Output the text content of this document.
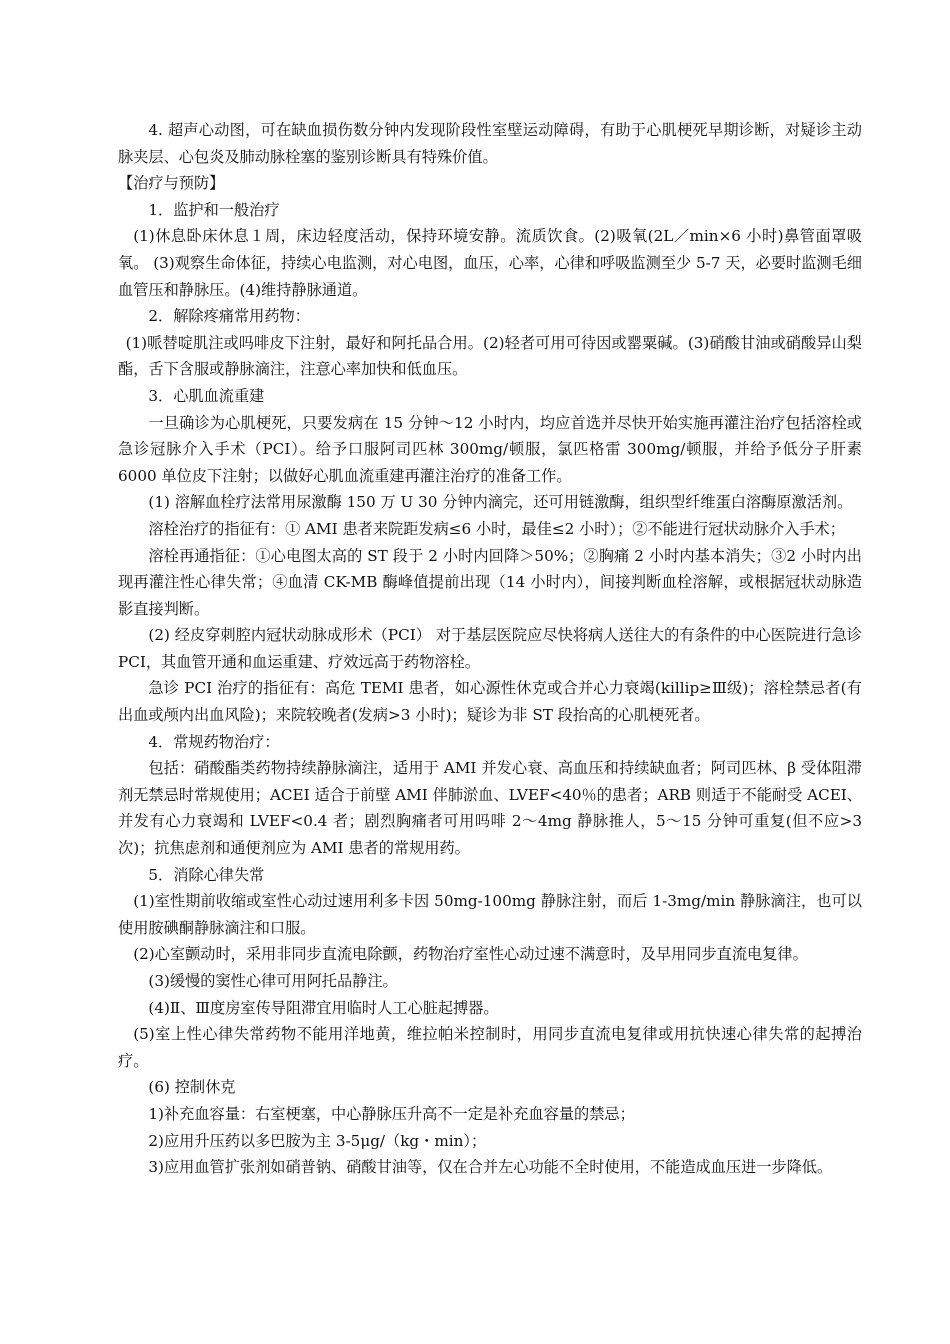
4. 超声心动图，可在缺血损伤数分钟内发现阶段性室壁运动障碍，有助于心肌梗死早期诊断，对疑诊主动脉夹层、心包炎及肺动脉栓塞的鉴别诊断具有特殊价值。

【治疗与预防】

1．监护和一般治疗

(1)休息卧床休息１周，床边轻度活动，保持环境安静。流质饮食。(2)吸氧(2L／min×6 小时)鼻管面罩吸氧。 (3)观察生命体征，持续心电监测，对心电图，血压，心率，心律和呼吸监测至少 5-7 天，必要时监测毛细血管压和静脉压。(4)维持静脉通道。

2．解除疼痛常用药物：

(1)哌替啶肌注或吗啡皮下注射，最好和阿托品合用。(2)轻者可用可待因或罂粟碱。(3)硝酸甘油或硝酸异山梨酯，舌下含服或静脉滴注，注意心率加快和低血压。

3．心肌血流重建

一旦确诊为心肌梗死，只要发病在 15 分钟～12 小时内，均应首选并尽快开始实施再灌注治疗包括溶栓或急诊冠脉介入手术（PCI）。给予口服阿司匹林 300mg/顿服，氯匹格雷 300mg/顿服，并给予低分子肝素 6000 单位皮下注射；以做好心肌血流重建再灌注治疗的准备工作。

(1) 溶解血栓疗法常用尿激酶 150 万 U 30 分钟内滴完，还可用链激酶，组织型纤维蛋白溶酶原激活剂。

溶栓治疗的指征有：① AMI 患者来院距发病≤6 小时，最佳≤2 小时）；②不能进行冠状动脉介入手术；

溶栓再通指征：①心电图太高的 ST 段于 2 小时内回降＞50%；②胸痛 2 小时内基本消失；③2 小时内出现再灌注性心律失常；④血清 CK-MB 酶峰值提前出现（14 小时内），间接判断血栓溶解，或根据冠状动脉造影直接判断。

(2) 经皮穿刺腔内冠状动脉成形术（PCI） 对于基层医院应尽快将病人送往大的有条件的中心医院进行急诊 PCI，其血管开通和血运重建、疗效远高于药物溶栓。

急诊 PCI 治疗的指征有：高危 TEMI 患者，如心源性休克或合并心力衰竭(killip≥Ⅲ级)；溶栓禁忌者(有出血或颅内出血风险)；来院较晚者(发病>3 小时)；疑诊为非 ST 段抬高的心肌梗死者。

4．常规药物治疗：

包括：硝酸酯类药物持续静脉滴注，适用于 AMI 并发心衰、高血压和持续缺血者；阿司匹林、β 受体阻滞剂无禁忌时常规使用；ACEI 适合于前壁 AMI 伴肺淤血、LVEF<40％的患者；ARB 则适于不能耐受 ACEI、并发有心力衰竭和 LVEF<0.4 者；剧烈胸痛者可用吗啡 2～4mg 静脉推人，5～15 分钟可重复(但不应>3 次)；抗焦虑剂和通便剂应为 AMI 患者的常规用药。

5．消除心律失常

(1)室性期前收缩或室性心动过速用利多卡因 50mg-100mg 静脉注射，而后 1-3mg/min 静脉滴注，也可以使用胺碘酮静脉滴注和口服。

(2)心室颤动时，采用非同步直流电除颤，药物治疗室性心动过速不满意时，及早用同步直流电复律。

(3)缓慢的窦性心律可用阿托品静注。

(4)Ⅱ、Ⅲ度房室传导阻滞宜用临时人工心脏起搏器。

(5)室上性心律失常药物不能用洋地黄，维拉帕米控制时，用同步直流电复律或用抗快速心律失常的起搏治疗。

(6) 控制休克

1)补充血容量：右室梗塞，中心静脉压升高不一定是补充血容量的禁忌；

2)应用升压药以多巴胺为主 3-5μg/（kg・min）；

3)应用血管扩张剂如硝普钠、硝酸甘油等，仅在合并左心功能不全时使用，不能造成血压进一步降低。
